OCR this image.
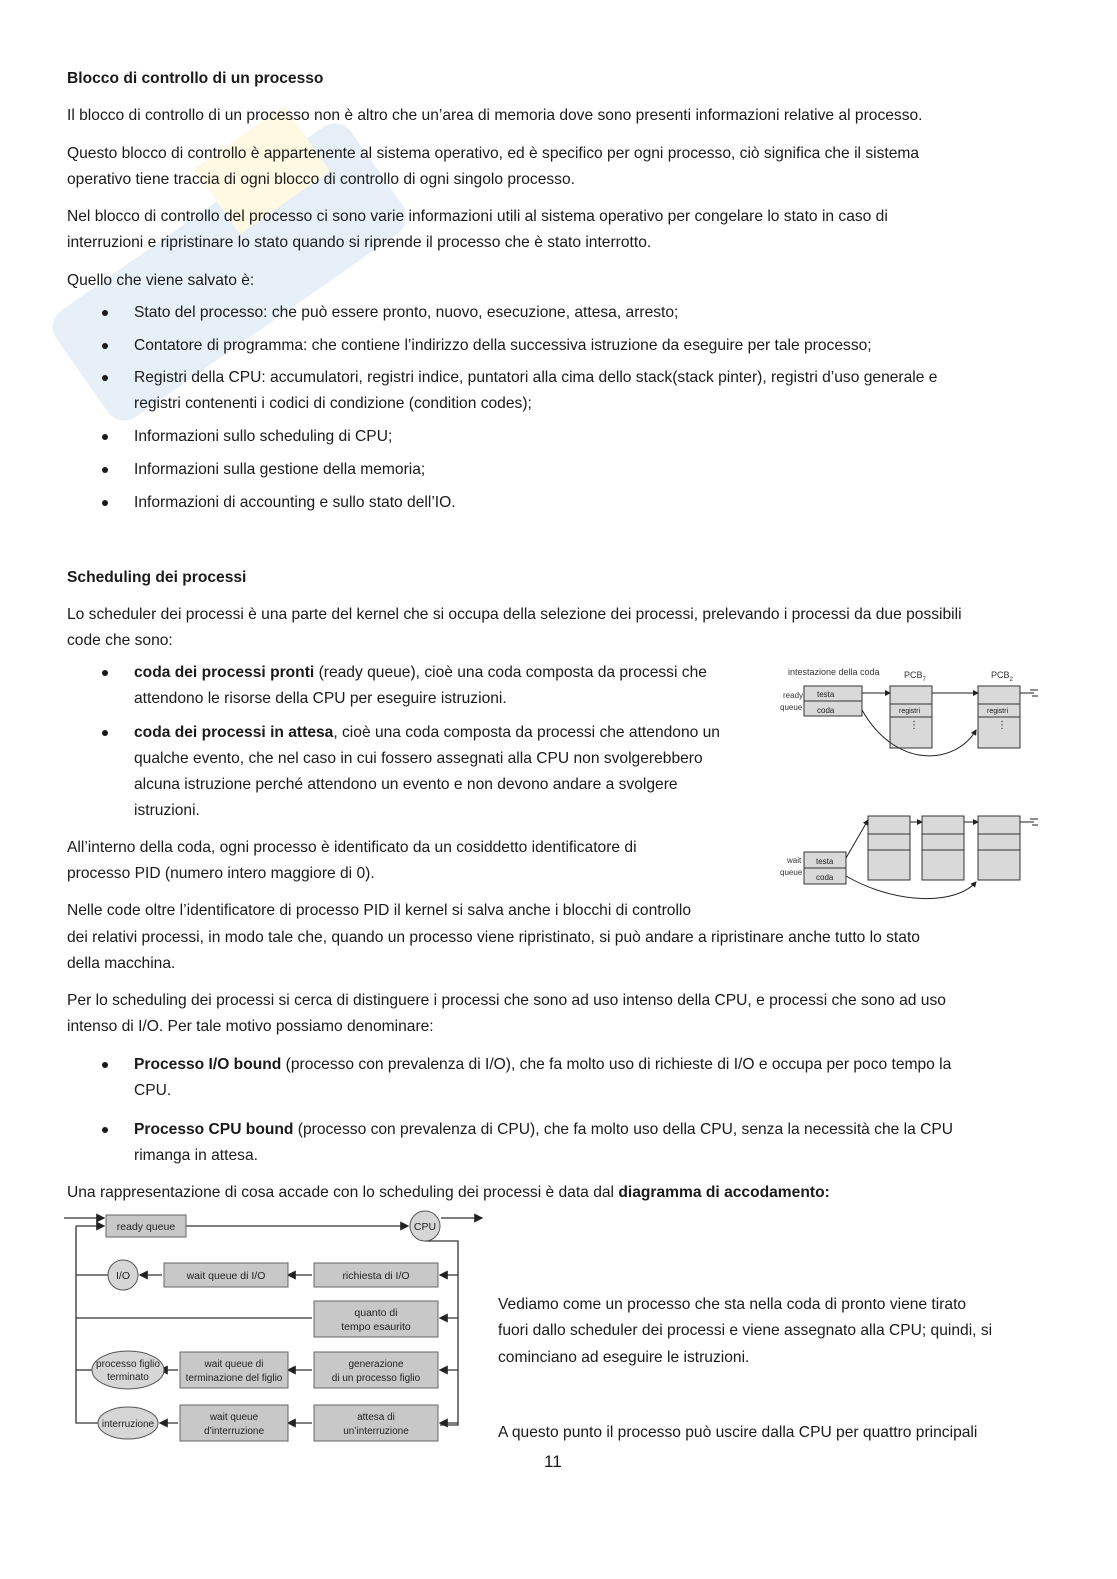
Blocco di controllo di un processo
Il blocco di controllo di un processo non è altro che un’area di memoria dove sono presenti informazioni relative al processo.
Questo blocco di controllo è appartenente al sistema operativo, ed è specifico per ogni processo, ciò significa che il sistema
operativo tiene traccia di ogni blocco di controllo di ogni singolo processo.
Nel blocco di controllo del processo ci sono varie informazioni utili al sistema operativo per congelare lo stato in caso di
interruzioni e ripristinare lo stato quando si riprende il processo che è stato interrotto.
Quello che viene salvato è:
Stato del processo: che può essere pronto, nuovo, esecuzione, attesa, arresto;
Contatore di programma: che contiene l’indirizzo della successiva istruzione da eseguire per tale processo;
Registri della CPU: accumulatori, registri indice, puntatori alla cima dello stack(stack pinter), registri d’uso generale e
registri contenenti i codici di condizione (condition codes);
Informazioni sullo scheduling di CPU;
Informazioni sulla gestione della memoria;
Informazioni di accounting e sullo stato dell’IO.
Scheduling dei processi
Lo scheduler dei processi è una parte del kernel che si occupa della selezione dei processi, prelevando i processi da due possibili
code che sono:
coda dei processi pronti (ready queue), cioè una coda composta da processi che
attendono le risorse della CPU per eseguire istruzioni.
coda dei processi in attesa, cioè una coda composta da processi che attendono un
qualche evento, che nel caso in cui fossero assegnati alla CPU non svolgerebbero
alcuna istruzione perché attendono un evento e non devono andare a svolgere
istruzioni.
All’interno della coda, ogni processo è identificato da un cosiddetto identificatore di
processo PID (numero intero maggiore di 0).
Nelle code oltre l’identificatore di processo PID il kernel si salva anche i blocchi di controllo
dei relativi processi, in modo tale che, quando un processo viene ripristinato, si può andare a ripristinare anche tutto lo stato
della macchina.
Per lo scheduling dei processi si cerca di distinguere i processi che sono ad uso intenso della CPU, e processi che sono ad uso
intenso di I/O. Per tale motivo possiamo denominare:
Processo I/O bound (processo con prevalenza di I/O), che fa molto uso di richieste di I/O e occupa per poco tempo la
CPU.
Processo CPU bound (processo con prevalenza di CPU), che fa molto uso della CPU, senza la necessità che la CPU
rimanga in attesa.
Una rappresentazione di cosa accade con lo scheduling dei processi è data dal diagramma di accodamento:
Vediamo come un processo che sta nella coda di pronto viene tirato
fuori dallo scheduler dei processi e viene assegnato alla CPU; quindi, si
cominciano ad eseguire le istruzioni.
A questo punto il processo può uscire dalla CPU per quattro principali
intestazione della coda	$PCB_7$	$PCB_2$
ready
queue
testa
coda	registri
⋮
registri
⋮
wait
queue
testa
coda
ready queue	CPU
I/O	wait queue di I/O	richiesta di I/O
quanto di
tempo esaurito
processo figlio
terminato
wait queue di
terminazione del figlio
generazione
di un processo figlio
interruzione
wait queue
d’interruzione
attesa di
un’interruzione
11
